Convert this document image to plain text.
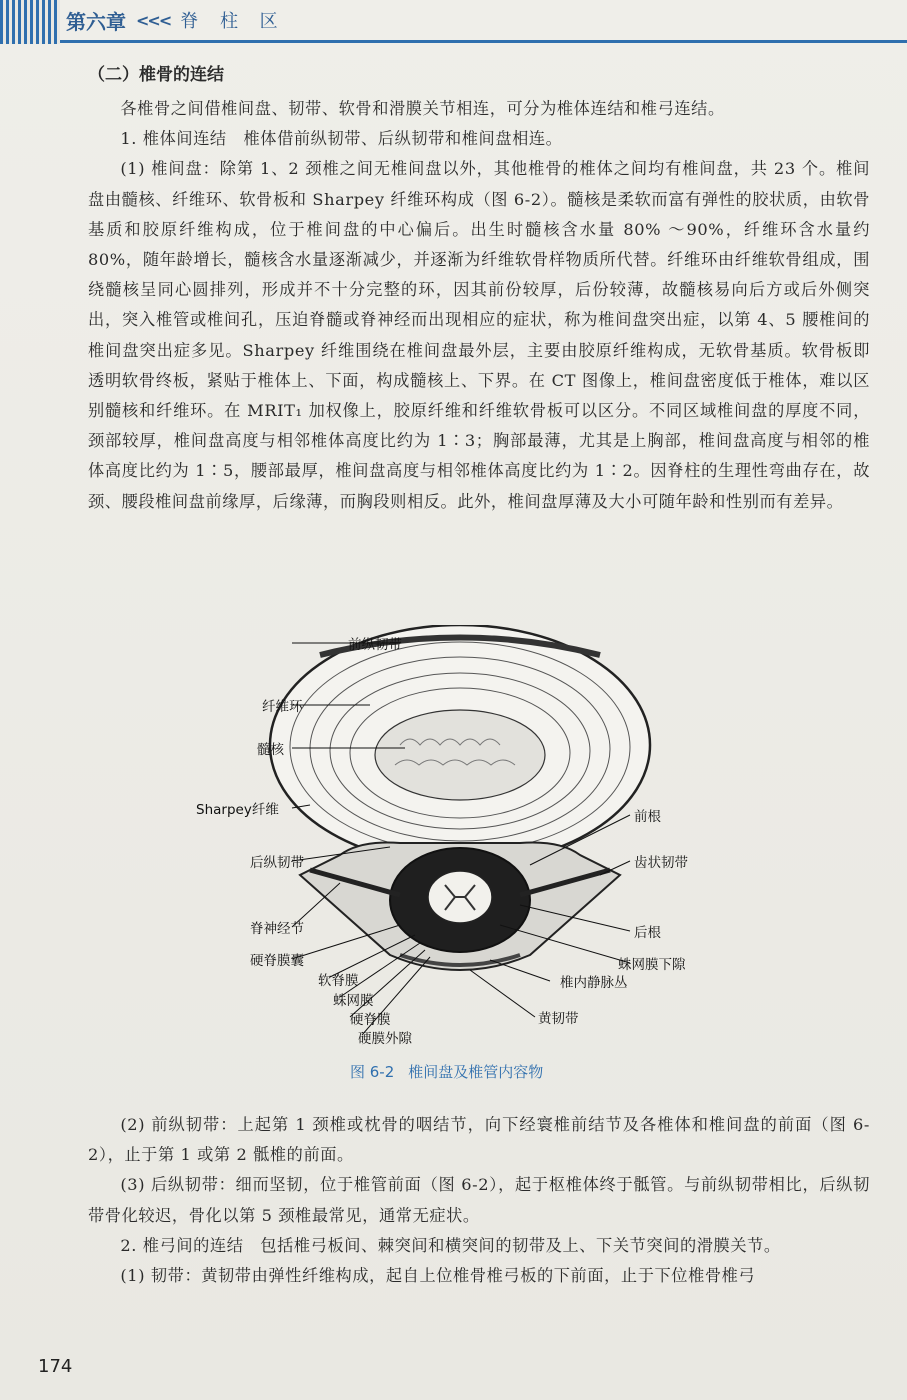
第六章 <<< 脊 柱 区
（二）椎骨的连结

各椎骨之间借椎间盘、韧带、软骨和滑膜关节相连，可分为椎体连结和椎弓连结。

1. 椎体间连结　椎体借前纵韧带、后纵韧带和椎间盘相连。

(1) 椎间盘：除第 1、2 颈椎之间无椎间盘以外，其他椎骨的椎体之间均有椎间盘，共 23 个。椎间盘由髓核、纤维环、软骨板和 Sharpey 纤维环构成（图 6-2）。髓核是柔软而富有弹性的胶状质，由软骨基质和胶原纤维构成，位于椎间盘的中心偏后。出生时髓核含水量 80% ～90%，纤维环含水量约 80%，随年龄增长，髓核含水量逐渐减少，并逐渐为纤维软骨样物质所代替。纤维环由纤维软骨组成，围绕髓核呈同心圆排列，形成并不十分完整的环，因其前份较厚，后份较薄，故髓核易向后方或后外侧突出，突入椎管或椎间孔，压迫脊髓或脊神经而出现相应的症状，称为椎间盘突出症，以第 4、5 腰椎间的椎间盘突出症多见。Sharpey 纤维围绕在椎间盘最外层，主要由胶原纤维构成，无软骨基质。软骨板即透明软骨终板，紧贴于椎体上、下面，构成髓核上、下界。在 CT 图像上，椎间盘密度低于椎体，难以区别髓核和纤维环。在 MRIT₁ 加权像上，胶原纤维和纤维软骨板可以区分。不同区域椎间盘的厚度不同，颈部较厚，椎间盘高度与相邻椎体高度比约为 1∶3；胸部最薄，尤其是上胸部，椎间盘高度与相邻的椎体高度比约为 1∶5，腰部最厚，椎间盘高度与相邻椎体高度比约为 1∶2。因脊柱的生理性弯曲存在，故颈、腰段椎间盘前缘厚，后缘薄，而胸段则相反。此外，椎间盘厚薄及大小可随年龄和性别而有差异。

前纵韧带
纤维环
髓核
Sharpey纤维
后纵韧带
脊神经节
硬脊膜囊
软脊膜
蛛网膜
硬脊膜
硬膜外隙
前根
齿状韧带
后根
蛛网膜下隙
椎内静脉丛
黄韧带
图 6-2 椎间盘及椎管内容物

(2) 前纵韧带：上起第 1 颈椎或枕骨的咽结节，向下经寰椎前结节及各椎体和椎间盘的前面（图 6-2），止于第 1 或第 2 骶椎的前面。

(3) 后纵韧带：细而坚韧，位于椎管前面（图 6-2），起于枢椎体终于骶管。与前纵韧带相比，后纵韧带骨化较迟，骨化以第 5 颈椎最常见，通常无症状。

2. 椎弓间的连结　包括椎弓板间、棘突间和横突间的韧带及上、下关节突间的滑膜关节。

(1) 韧带：黄韧带由弹性纤维构成，起自上位椎骨椎弓板的下前面，止于下位椎骨椎弓

174
